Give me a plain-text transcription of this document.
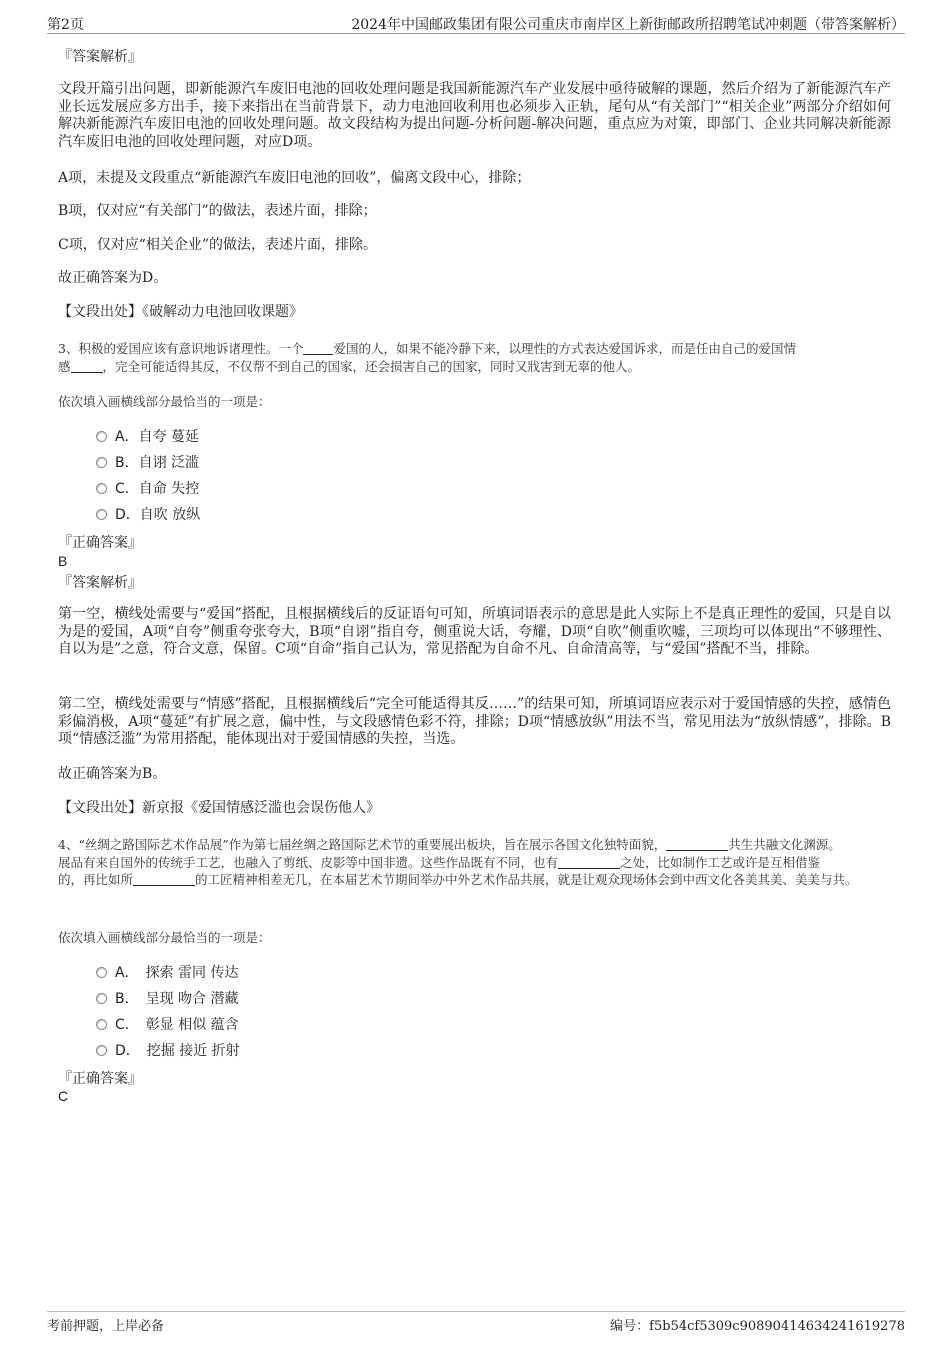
第2页	2024年中国邮政集团有限公司重庆市南岸区上新街邮政所招聘笔试冲刺题（带答案解析）
『答案解析』

文段开篇引出问题，即新能源汽车废旧电池的回收处理问题是我国新能源汽车产业发展中亟待破解的课题，然后介绍为了新能源汽车产业长远发展应多方出手，接下来指出在当前背景下，动力电池回收利用也必须步入正轨，尾句从“有关部门”“相关企业”两部分介绍如何解决新能源汽车废旧电池的回收处理问题。故文段结构为提出问题-分析问题-解决问题，重点应为对策，即部门、企业共同解决新能源汽车废旧电池的回收处理问题，对应D项。

A项，未提及文段重点“新能源汽车废旧电池的回收”，偏离文段中心，排除；

B项，仅对应“有关部门”的做法，表述片面，排除；

C项，仅对应“相关企业”的做法，表述片面，排除。

故正确答案为D。

【文段出处】《破解动力电池回收课题》

3、积极的爱国应该有意识地诉诸理性。一个 爱国的人，如果不能冷静下来，以理性的方式表达爱国诉求，而是任由自己的爱国情
感	，完全可能适得其反，不仅帮不到自己的国家，还会损害自己的国家，同时又戕害到无辜的他人。

依次填入画横线部分最恰当的一项是：

A．自夸 蔓延
B．自诩 泛滥
C．自命 失控
D．自吹 放纵
『正确答案』
B
『答案解析』

第一空，横线处需要与“爱国”搭配，且根据横线后的反证语句可知，所填词语表示的意思是此人实际上不是真正理性的爱国，只是自以为是的爱国，A项“自夸”侧重夸张夸大，B项“自诩”指自夸，侧重说大话，夸耀，D项“自吹”侧重吹嘘，三项均可以体现出“不够理性、自以为是”之意，符合文意，保留。C项“自命”指自己认为，常见搭配为自命不凡、自命清高等，与“爱国”搭配不当，排除。

第二空，横线处需要与“情感”搭配，且根据横线后“完全可能适得其反……”的结果可知，所填词语应表示对于爱国情感的失控，感情色彩偏消极，A项“蔓延”有扩展之意，偏中性，与文段感情色彩不符，排除；D项“情感放纵”用法不当，常见用法为“放纵情感”，排除。B项“情感泛滥”为常用搭配，能体现出对于爱国情感的失控，当选。

故正确答案为B。

【文段出处】新京报《爱国情感泛滥也会误伤他人》

4、“丝绸之路国际艺术作品展”作为第七届丝绸之路国际艺术节的重要展出板块，旨在展示各国文化独特面貌，	共生共融文化渊源。
展品有来自国外的传统手工艺，也融入了剪纸、皮影等中国非遗。这些作品既有不同，也有	之处，比如制作工艺或许是互相借鉴
的，再比如所	的工匠精神相差无几，在本届艺术节期间举办中外艺术作品共展，就是让观众现场体会到中西文化各美其美、美美与共。

依次填入画横线部分最恰当的一项是：

A．　探索 雷同 传达
B．　呈现 吻合 潜藏
C．　彰显 相似 蕴含
D．　挖掘 接近 折射
『正确答案』
C
考前押题，上岸必备	编号：f5b54cf5309c9089041463424161927​8
